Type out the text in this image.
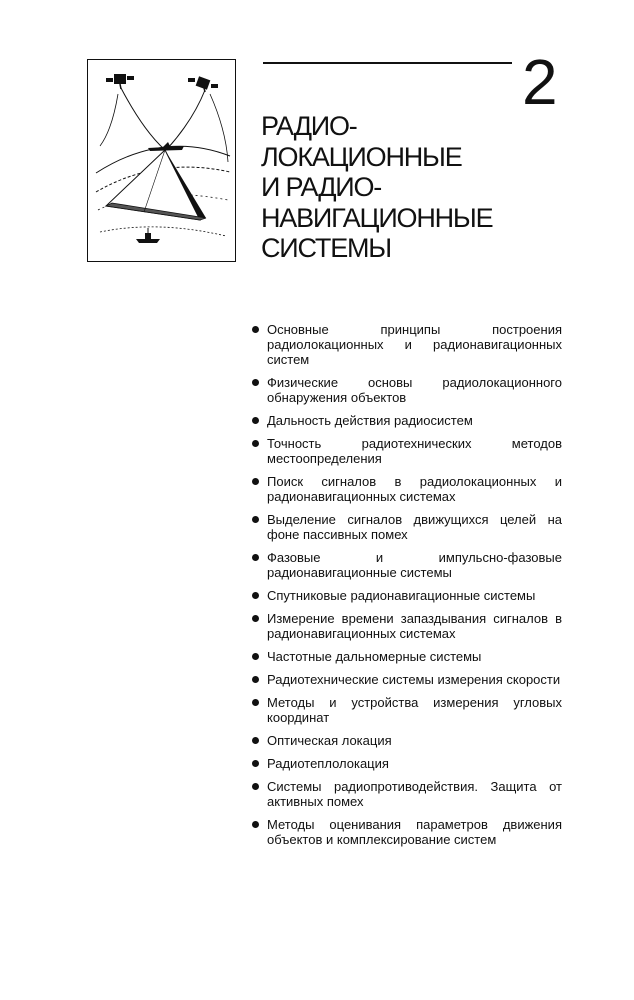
2
РАДИО-
ЛОКАЦИОННЫЕ
И РАДИО-
НАВИГАЦИОННЫЕ
СИСТЕМЫ
Основные принципы построения радиолокационных и радионавигационных систем
Физические основы радиолокационного обнаружения объектов
Дальность действия радиосистем
Точность радиотехнических методов местоопределения
Поиск сигналов в радиолокационных и радионавигационных системах
Выделение сигналов движущихся целей на фоне пассивных помех
Фазовые и импульсно-фазовые радионавигационные системы
Спутниковые радионавигационные системы
Измерение времени запаздывания сигналов в радионавигационных системах
Частотные дальномерные системы
Радиотехнические системы измерения скорости
Методы и устройства измерения угловых координат
Оптическая локация
Радиотеплолокация
Системы радиопротиводействия. Защита от активных помех
Методы оценивания параметров движения объектов и комплексирование систем
